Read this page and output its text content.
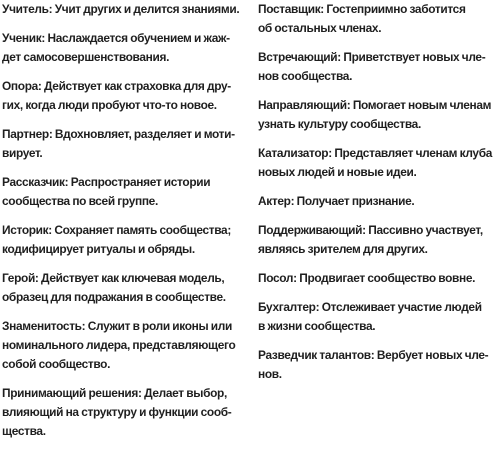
Учитель: Учит других и делится знаниями.
Ученик: Наслаждается обучением и жаж-
дет самосовершенствования.
Опора: Действует как страховка для дру-
гих, когда люди пробуют что-то новое.
Партнер: Вдохновляет, разделяет и моти-
вирует.
Рассказчик: Распространяет истории
сообщества по всей группе.
Историк: Сохраняет память сообщества;
кодифицирует ритуалы и обряды.
Герой: Действует как ключевая модель,
образец для подражания в сообществе.
Знаменитость: Служит в роли иконы или
номинального лидера, представляющего
собой сообщество.
Принимающий решения: Делает выбор,
влияющий на структуру и функции сооб-
щества.
Поставщик: Гостеприимно заботится
об остальных членах.
Встречающий: Приветствует новых чле-
нов сообщества.
Направляющий: Помогает новым членам
узнать культуру сообщества.
Катализатор: Представляет членам клуба
новых людей и новые идеи.
Актер: Получает признание.
Поддерживающий: Пассивно участвует,
являясь зрителем для других.
Посол: Продвигает сообщество вовне.
Бухгалтер: Отслеживает участие людей
в жизни сообщества.
Разведчик талантов: Вербует новых чле-
нов.
